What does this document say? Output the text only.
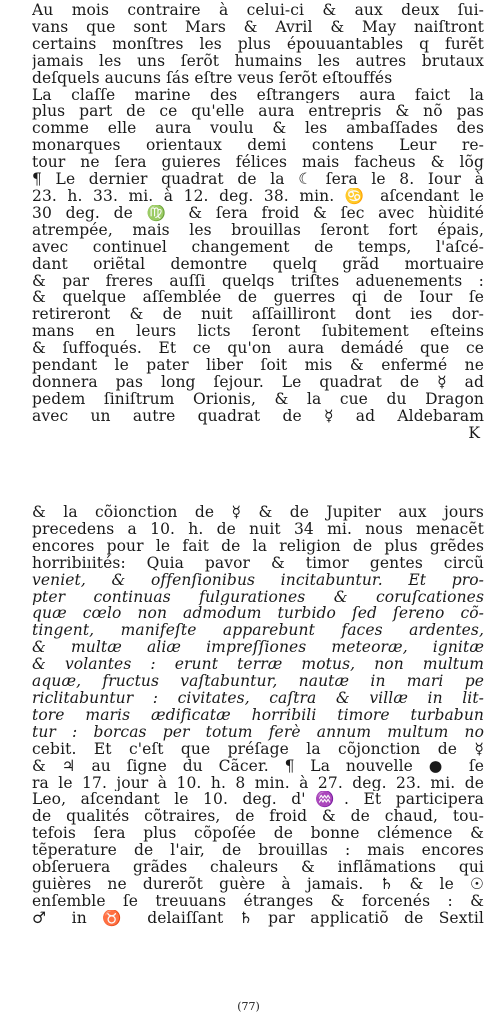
Au mois contraire à celui-ci & aux deux ſui-
vans que sont Mars & Avril & May naiſtront
certains monſtres les plus épouuantables q furẽt
jamais les uns ſerõt humains les autres brutaux
deſquels aucuns ſás eſtre veus ſerõt eſtouffés
La claſſe marine des eſtrangers aura faict la
plus part de ce qu'elle aura entrepris & nõ pas
comme elle aura voulu & les ambaſſades des
monarques orientaux demi contens Leur re-
tour ne ſera guieres félices mais facheus & lõg
¶ Le dernier quadrat de la ☾ ſera le 8. Iour à
23. h. 33. mi. à 12. deg. 38. min. ♋ aſcendant le
30 deg. de ♍ & ſera froid & ſec avec hùidité
atrempée, mais les brouillas ſeront fort épais,
avec continuel changement de temps, l'aſcé-
dant oriẽtal demontre quelq grãd mortuaire
& par freres auſſi quelqs triſtes aduenements :
& quelque aſſemblée de guerres qi de Iour ſe
retireront & de nuit aſſailliront dont ies dor-
mans en leurs licts ſeront ſubitement eſteins
& ſuffoqués. Et ce qu'on aura demádé que ce
pendant le pater liber ſoit mis & enfermé ne
donnera pas long ſejour. Le quadrat de ☿ ad
pedem ſiniſtrum Orionis, & la cue du Dragon
avec un autre quadrat de ☿ ad Aldebaram
K
& la cõionction de ☿ & de Jupiter aux jours
precedens a 10. h. de nuit 34 mi. nous menacẽt
encores pour le fait de la religion de plus grẽdes
horribiıités: Quia pavor & timor gentes circũ
veniet, & offenſionibus incitabuntur. Et pro-
pter continuas fulgurationes & coruſcationes
quæ cœlo non admodum turbido ſed ſereno cõ-
tingent, manifeſte apparebunt faces ardentes,
& multæ aliæ impreſſiones meteoræ, ignitæ
& volantes : erunt terræ motus, non multum
aquæ, fructus vaſtabuntur, nautæ in mari pe
riclitabuntur : civitates, caſtra & villæ in lit-
tore maris ædificatæ horribili timore turbabun
tur : borcas per totum ferè annum multum no
cebit. Et c'eſt que préſage la cõjonction de ☿
& ♃ au ſigne du Cãcer. ¶ La nouvelle ● ſe
ra le 17. jour à 10. h. 8 min. à 27. deg. 23. mi. de
Leo, aſcendant le 10. deg. d'♒. Et participera
de qualités cõtraires, de froid & de chaud, tou-
tefois ſera plus cõpoſée de bonne clémence &
tẽperature de l'air, de brouillas : mais encores
obſeruera grãdes chaleurs & inflãmations qui
guières ne durerõt guère à jamais. ♄ & le ☉
enſemble ſe treuuans étranges & forcenés : &
♂ in ♉ delaiſſant ♄ par applicatiõ de Sextil
(77)
